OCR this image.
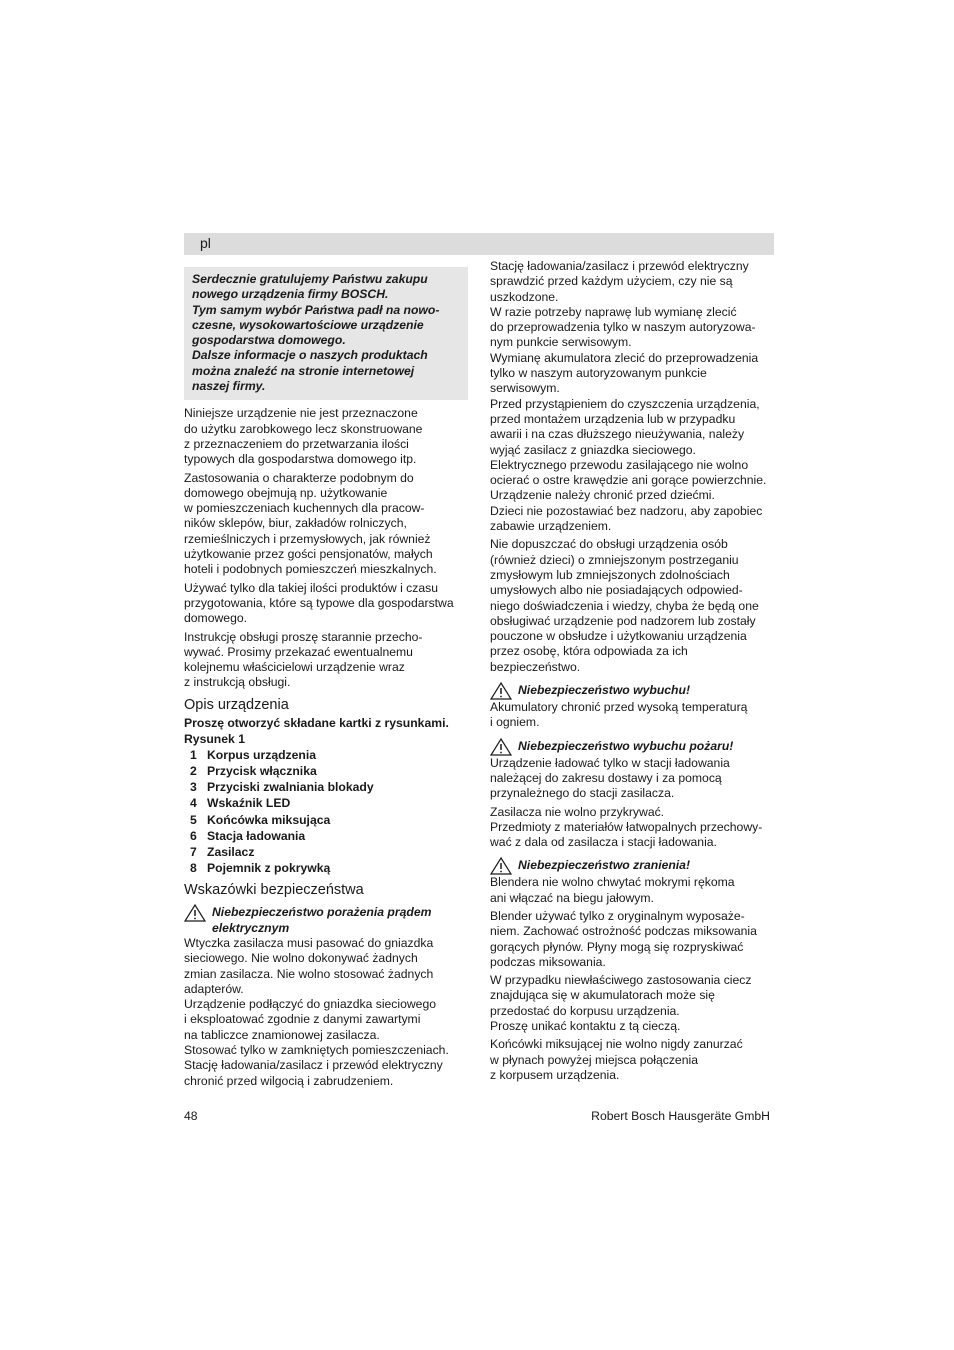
pl

Serdecznie gratulujemy Państwu zakupu

nowego urządzenia firmy BOSCH.

Tym samym wybór Państwa padł na nowo-

czesne, wysokowartościowe urządzenie

gospodarstwa domowego.

Dalsze informacje o naszych produktach

można znaleźć na stronie internetowej

naszej firmy.

Niniejsze urządzenie nie jest przeznaczone
do użytku zarobkowego lecz skonstruowane
z przeznaczeniem do przetwarzania ilości
typowych dla gospodarstwa domowego itp.

Zastosowania o charakterze podobnym do
domowego obejmują np. użytkowanie
w pomieszczeniach kuchennych dla pracow-
ników sklepów, biur, zakładów rolniczych,
rzemieślniczych i przemysłowych, jak również
użytkowanie przez gości pensjonatów, małych
hoteli i podobnych pomieszczeń mieszkalnych.

Używać tylko dla takiej ilości produktów i czasu
przygotowania, które są typowe dla gospodarstwa
domowego.

Instrukcję obsługi proszę starannie przecho-
wywać. Prosimy przekazać ewentualnemu
kolejnemu właścicielowi urządzenie wraz
z instrukcją obsługi.

Opis urządzenia
Proszę otworzyć składane kartki z rysunkami.
Rysunek 1
1 Korpus urządzenia
2 Przycisk włącznika
3 Przyciski zwalniania blokady
4 Wskaźnik LED
5 Końcówka miksująca
6 Stacja ładowania
7 Zasilacz
8 Pojemnik z pokrywką
Wskazówki bezpieczeństwa
Niebezpieczeństwo porażenia prądem
elektrycznym

Wtyczka zasilacza musi pasować do gniazdka
sieciowego. Nie wolno dokonywać żadnych
zmian zasilacza. Nie wolno stosować żadnych
adapterów.

Urządzenie podłączyć do gniazdka sieciowego
i eksploatować zgodnie z danymi zawartymi
na tabliczce znamionowej zasilacza.

Stosować tylko w zamkniętych pomieszczeniach.

Stację ładowania/zasilacz i przewód elektryczny
chronić przed wilgocią i zabrudzeniem.

Stację ładowania/zasilacz i przewód elektryczny
sprawdzić przed każdym użyciem, czy nie są
uszkodzone.

W razie potrzeby naprawę lub wymianę zlecić
do przeprowadzenia tylko w naszym autoryzowa-
nym punkcie serwisowym.

Wymianę akumulatora zlecić do przeprowadzenia
tylko w naszym autoryzowanym punkcie
serwisowym.

Przed przystąpieniem do czyszczenia urządzenia,
przed montażem urządzenia lub w przypadku
awarii i na czas dłuższego nieużywania, należy
wyjąć zasilacz z gniazdka sieciowego.

Elektrycznego przewodu zasilającego nie wolno
ocierać o ostre krawędzie ani gorące powierzchnie.

Urządzenie należy chronić przed dziećmi.

Dzieci nie pozostawiać bez nadzoru, aby zapobiec
zabawie urządzeniem.

Nie dopuszczać do obsługi urządzenia osób
(również dzieci) o zmniejszonym postrzeganiu
zmysłowym lub zmniejszonych zdolnościach
umysłowych albo nie posiadających odpowied-
niego doświadczenia i wiedzy, chyba że będą one
obsługiwać urządzenie pod nadzorem lub zostały
pouczone w obsłudze i użytkowaniu urządzenia
przez osobę, która odpowiada za ich
bezpieczeństwo.

Niebezpieczeństwo wybuchu!

Akumulatory chronić przed wysoką temperaturą
i ogniem.

Niebezpieczeństwo wybuchu pożaru!

Urządzenie ładować tylko w stacji ładowania
należącej do zakresu dostawy i za pomocą
przynależnego do stacji zasilacza.

Zasilacza nie wolno przykrywać.

Przedmioty z materiałów łatwopalnych przechowy-
wać z dala od zasilacza i stacji ładowania.

Niebezpieczeństwo zranienia!

Blendera nie wolno chwytać mokrymi rękoma
ani włączać na biegu jałowym.

Blender używać tylko z oryginalnym wyposaże-
niem. Zachować ostrożność podczas miksowania
gorących płynów. Płyny mogą się rozpryskiwać
podczas miksowania.

W przypadku niewłaściwego zastosowania ciecz
znajdująca się w akumulatorach może się
przedostać do korpusu urządzenia.

Proszę unikać kontaktu z tą cieczą.

Końcówki miksującej nie wolno nigdy zanurzać
w płynach powyżej miejsca połączenia
z korpusem urządzenia.

48	Robert Bosch Hausgeräte GmbH
